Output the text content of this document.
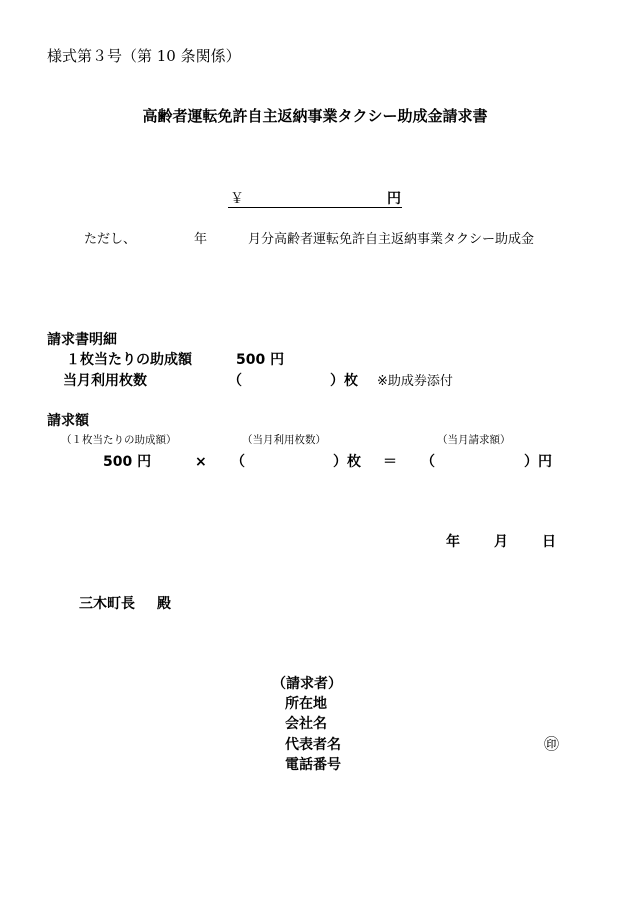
様式第３号（第 10 条関係）
高齢者運転免許自主返納事業タクシー助成金請求書
￥	円
ただし、	年	月分高齢者運転免許自主返納事業タクシー助成金
請求書明細
１枚当たりの助成額	500 円
当月利用枚数	（	）枚 ※助成券添付
請求額
（１枚当たりの助成額）	（当月利用枚数）	（当月請求額）
500 円	× （	）枚 ＝ （	）円
年 月 日
三木町長 殿
（請求者）
所在地
会社名
代表者名	㊞
電話番号
